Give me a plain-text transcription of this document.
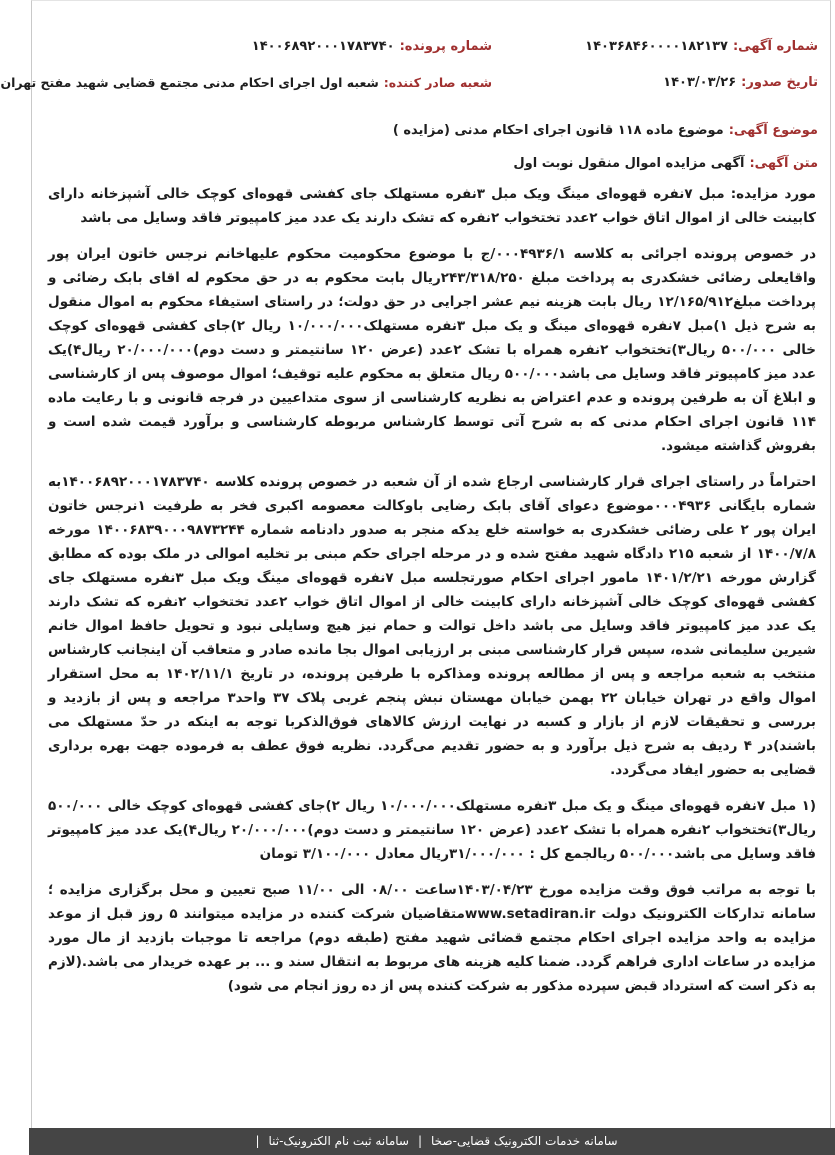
شماره آگهی:۱۴۰۳۶۸۴۶۰۰۰۰۱۸۲۱۳۷
شماره پرونده:۱۴۰۰۶۸۹۲۰۰۰۱۷۸۳۷۴۰
تاریخ صدور:۱۴۰۳/۰۳/۲۶
شعبه صادر کننده:شعبه اول اجرای احکام مدنی مجتمع قضایی شهید مفتح تهران
موضوع آگهی:موضوع ماده ۱۱۸ قانون اجرای احکام مدنی (مزایده )
متن آگهی:آگهی مزایده اموال منقول نوبت اول

مورد مزایده: مبل ۷نفره قهوه‌ای مینگ ویک مبل ۳نفره مستهلک جای کفشی قهوه‌ای کوچک خالی آشپزخانه دارای کابینت خالی از اموال اتاق خواب ۲عدد تختخواب ۲نفره که تشک دارند یک عدد میز کامپیوتر فاقد وسایل می باشد

در خصوص پرونده اجرائی به کلاسه ۰۰۰۴۹۳۶/۱/ج با موضوع محکومیت محکوم علیهاخانم نرجس خاتون ایران پور واقایعلی رضائی خشکدری به پرداخت مبلغ ۲۴۳/۳۱۸/۲۵۰ریال بابت محکوم به در حق محکوم له اقای بابک رضائی و پرداخت مبلغ۱۲/۱۶۵/۹۱۲ ریال بابت هزینه نیم عشر اجرایی در حق دولت؛ در راستای استیفاء محکوم به اموال منقول به شرح ذیل ۱)مبل ۷نفره قهوه‌ای مینگ و یک مبل ۳نفره مستهلک۱۰/۰۰۰/۰۰۰ ریال ۲)جای کفشی قهوه‌ای کوچک خالی ۵۰۰/۰۰۰ ریال۳)تختخواب ۲نفره همراه با تشک ۲عدد (عرض ۱۲۰ سانتیمتر و دست دوم)۲۰/۰۰۰/۰۰۰ ریال۴)یک عدد میز کامپیوتر فاقد وسایل می باشد۵۰۰/۰۰۰ ریال متعلق به محکوم علیه توقیف؛ اموال موصوف پس از کارشناسی و ابلاغ آن به طرفین پرونده و عدم اعتراض به نظریه کارشناسی از سوی متداعیین در فرجه قانونی و با رعایت ماده ۱۱۴ قانون اجرای احکام مدنی که به شرح آتی توسط کارشناس مربوطه کارشناسی و برآورد قیمت شده است و بفروش گذاشته میشود.

احتراماً در راستای اجرای قرار کارشناسی ارجاع شده از آن شعبه در خصوص پرونده کلاسه ۱۴۰۰۶۸۹۲۰۰۰۱۷۸۳۷۴۰به شماره بایگانی ۰۰۰۴۹۳۶موضوع دعوای آقای بابک رضایی باوکالت معصومه اکبری فخر به طرفیت ۱نرجس خاتون ایران پور ۲ علی رضائی خشکدری به خواسته خلع یدکه منجر به صدور دادنامه شماره ۱۴۰۰۶۸۳۹۰۰۰۹۸۷۳۲۴۴ مورخه ۱۴۰۰/۷/۸ از شعبه ۲۱۵ دادگاه شهید مفتح شده و در مرحله اجرای حکم مبنی بر تخلیه اموالی در ملک بوده که مطابق گزارش مورخه ۱۴۰۱/۲/۲۱ مامور اجرای احکام صورتجلسه مبل ۷نفره قهوه‌ای مینگ ویک مبل ۳نفره مستهلک جای کفشی قهوه‌ای کوچک خالی آشپزخانه دارای کابینت خالی از اموال اتاق خواب ۲عدد تختخواب ۲نفره که تشک دارند یک عدد میز کامپیوتر فاقد وسایل می باشد داخل توالت و حمام نیز هیچ وسایلی نبود و تحویل حافظ اموال خانم شیرین سلیمانی شده، سپس قرار کارشناسی مبنی بر ارزیابی اموال بجا مانده صادر و متعاقب آن اینجانب کارشناس منتخب به شعبه مراجعه و پس از مطالعه پرونده ومذاکره با طرفین پرونده، در تاریخ ۱۴۰۲/۱۱/۱ به محل استقرار اموال واقع در تهران خیابان ۲۲ بهمن خیابان مهستان نبش پنجم غربی پلاک ۳۷ واحد۳ مراجعه و پس از بازدید و بررسی و تحقیقات لازم از بازار و کسبه در نهایت ارزش کالاهای فوق‌الذکربا توجه به اینکه در حدّ مستهلک می باشند)در ۴ ردیف به شرح ذیل برآورد و به حضور تقدیم می‌گردد. نظریه فوق عطف به فرموده جهت بهره برداری قضایی به حضور ایفاد می‌گردد.

(۱ مبل ۷نفره قهوه‌ای مینگ و یک مبل ۳نفره مستهلک۱۰/۰۰۰/۰۰۰ ریال ۲)جای کفشی قهوه‌ای کوچک خالی ۵۰۰/۰۰۰ ریال۳)تختخواب ۲نفره همراه با تشک ۲عدد (عرض ۱۲۰ سانتیمتر و دست دوم)۲۰/۰۰۰/۰۰۰ ریال۴)یک عدد میز کامپیوتر فاقد وسایل می باشد۵۰۰/۰۰۰ ریالجمع کل : ۳۱/۰۰۰/۰۰۰ریال معادل ۳/۱۰۰/۰۰۰ تومان

با توجه به مراتب فوق وقت مزایده مورخ ۱۴۰۳/۰۴/۲۳ساعت ۰۸/۰۰ الی ۱۱/۰۰ صبح تعیین و محل برگزاری مزایده ؛سامانه تدارکات الکترونیک دولت www.setadiran.irمتقاضیان شرکت کننده در مزایده میتوانند ۵ روز قبل از موعد مزایده به واحد مزایده اجرای احکام مجتمع قضائی شهید مفتح (طبقه دوم) مراجعه تا موجبات بازدید از مال مورد مزایده در ساعات اداری فراهم گردد. ضمنا کلیه هزینه های مربوط به انتقال سند و ... بر عهده خریدار می باشد.(لازم به ذکر است که استرداد قبض سپرده مذکور به شرکت کننده پس از ده روز انجام می شود)

سامانه خدمات الکترونیک قضایی-صخا|سامانه ثبت نام الکترونیک-ثنا|
